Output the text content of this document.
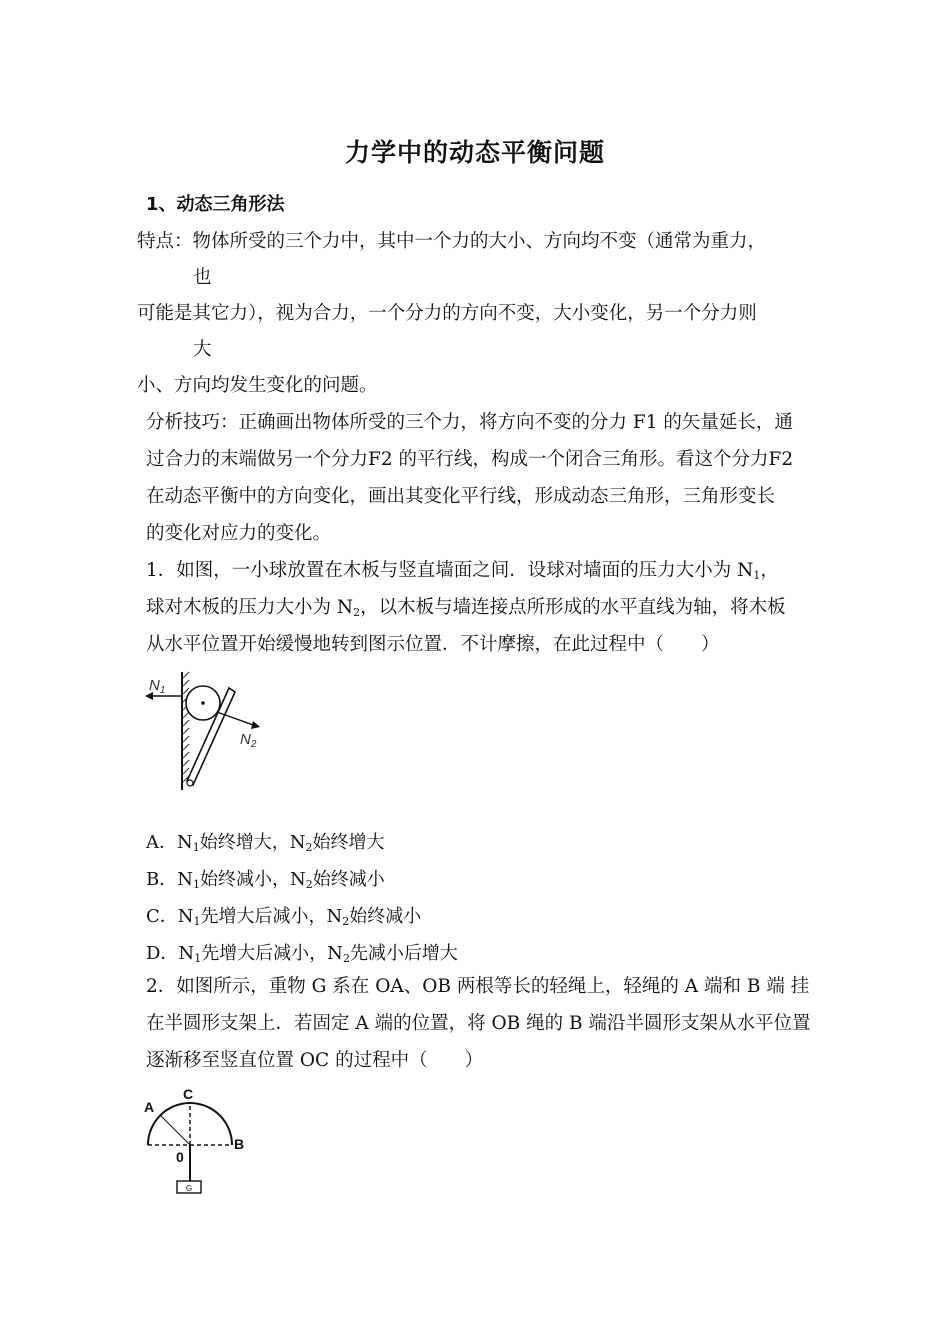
力学中的动态平衡问题
1、动态三角形法
特点：物体所受的三个力中，其中一个力的大小、方向均不变（通常为重力，
也
可能是其它力），视为合力，一个分力的方向不变，大小变化，另一个分力则
大
小、方向均发生变化的问题。
分析技巧：正确画出物体所受的三个力，将方向不变的分力 F1 的矢量延长，通
过合力的末端做另一个分力F2 的平行线，构成一个闭合三角形。看这个分力F2
在动态平衡中的方向变化，画出其变化平行线，形成动态三角形，三角形变长
的变化对应力的变化。
1．如图，一小球放置在木板与竖直墙面之间．设球对墙面的压力大小为 $N_1$，
球对木板的压力大小为 $N_2$，以木板与墙连接点所形成的水平直线为轴，将木板
从水平位置开始缓慢地转到图示位置．不计摩擦，在此过程中（　　）
$N_1$
$N_2$
A．$N_1$始终增大，$N_2$始终增大
B．$N_1$始终减小，$N_2$始终减小
C．$N_1$先增大后减小，$N_2$始终减小
D．$N_1$先增大后减小，$N_2$先减小后增大
2．如图所示，重物 G 系在 OA、OB 两根等长的轻绳上，轻绳的 A 端和 B 端 挂
在半圆形支架上．若固定 A 端的位置，将 OB 绳的 B 端沿半圆形支架从水平位置
逐渐移至竖直位置 OC 的过程中（　　）
G
A
C
B
0
